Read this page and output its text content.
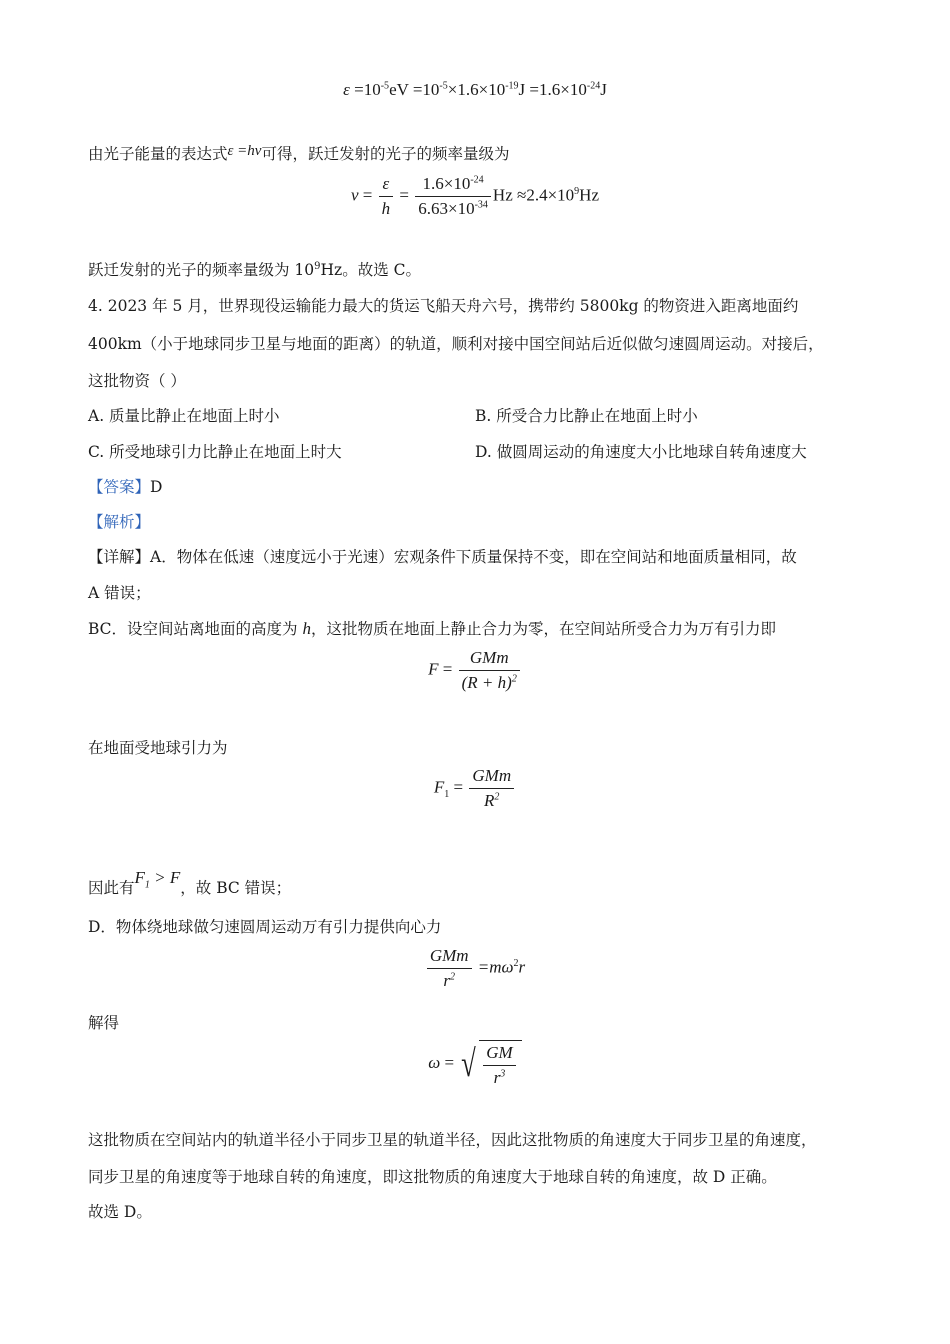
$\varepsilon =10^{-5}eV =10^{-5}\times 1.6\times 10^{-19}J =1.6\times 10^{-24}J$
由光子能量的表达式ε =hν可得，跃迁发射的光子的频率量级为
$\nu = \frac{\varepsilon}{h} = \frac{1.6\times 10^{-24}}{6.63\times 10^{-34}}$ $Hz \approx 2.4\times 10^9Hz$
跃迁发射的光子的频率量级为 $10^9Hz$。故选 C。
4. 2023 年 5 月，世界现役运输能力最大的货运飞船天舟六号，携带约 5800kg 的物资进入距离地面约
400km（小于地球同步卫星与地面的距离）的轨道，顺利对接中国空间站后近似做匀速圆周运动。对接后，
这批物资（ ）
A. 质量比静止在地面上时小	B. 所受合力比静止在地面上时小
C. 所受地球引力比静止在地面上时大	D. 做圆周运动的角速度大小比地球自转角速度大
【答案】D
【解析】
【详解】A．物体在低速（速度远小于光速）宏观条件下质量保持不变，即在空间站和地面质量相同，故
A 错误；
BC．设空间站离地面的高度为 h，这批物质在地面上静止合力为零，在空间站所受合力为万有引力即
$F = \frac{\text{GMm}}{(R + h)^2}$
在地面受地球引力为
$F_1 = \frac{\text{GMm}}{R^2}$
因此有$F_1 > F$，故 BC 错误；
D．物体绕地球做匀速圆周运动万有引力提供向心力
$\frac{\text{GMm}}{r^2} =m\omega^2r$
解得
ω = √ $\frac{GM}{r^3}$
这批物质在空间站内的轨道半径小于同步卫星的轨道半径，因此这批物质的角速度大于同步卫星的角速度，
同步卫星的角速度等于地球自转的角速度，即这批物质的角速度大于地球自转的角速度，故 D 正确。
故选 D。
